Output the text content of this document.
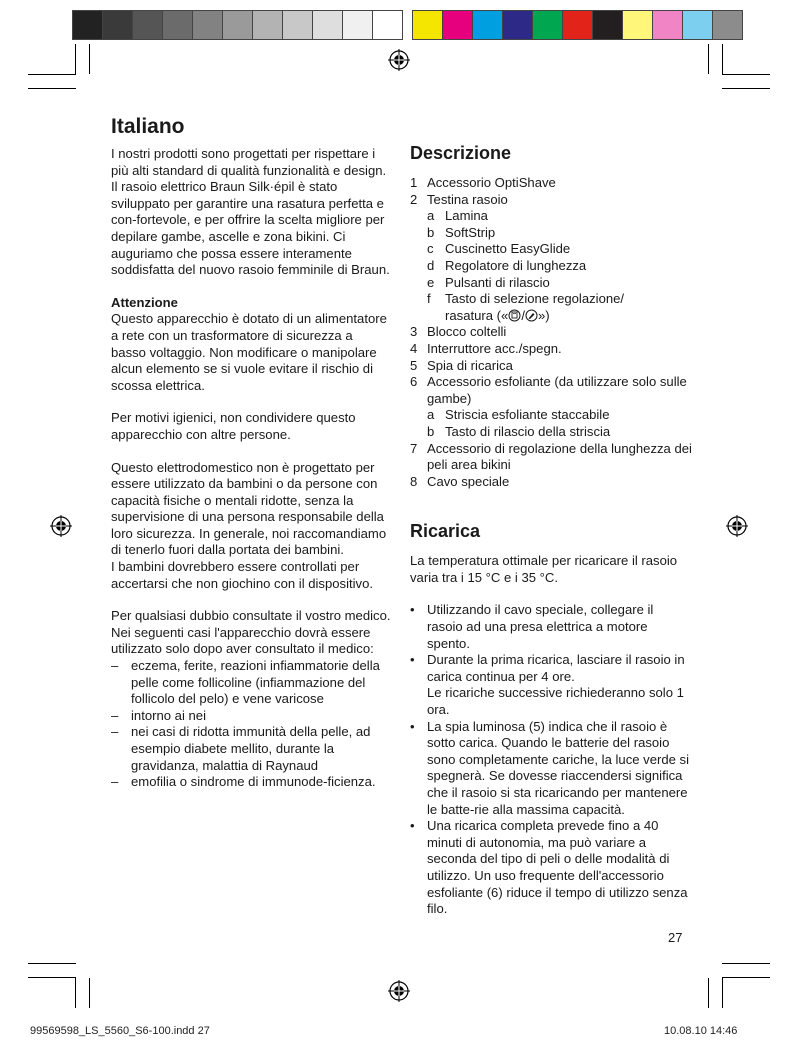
Italiano

I nostri prodotti sono progettati per rispettare i più alti standard di qualità funzionalità e design. Il rasoio elettrico Braun Silk·épil è stato sviluppato per garantire una rasatura perfetta e con-fortevole, e per offrire la scelta migliore per depilare gambe, ascelle e zona bikini. Ci auguriamo che possa essere interamente soddisfatta del nuovo rasoio femminile di Braun.

Attenzione

Questo apparecchio è dotato di un alimentatore a rete con un trasformatore di sicurezza a basso voltaggio. Non modificare o manipolare alcun elemento se si vuole evitare il rischio di scossa elettrica.

Per motivi igienici, non condividere questo apparecchio con altre persone.

Questo elettrodomestico non è progettato per essere utilizzato da bambini o da persone con capacità fisiche o mentali ridotte, senza la supervisione di una persona responsabile della loro sicurezza. In generale, noi raccomandiamo di tenerlo fuori dalla portata dei bambini.

I bambini dovrebbero essere controllati per accertarsi che non giochino con il dispositivo.

Per qualsiasi dubbio consultate il vostro medico. Nei seguenti casi l'apparecchio dovrà essere utilizzato solo dopo aver consultato il medico:

– eczema, ferite, reazioni infiammatorie della pelle come follicoline (infiammazione del follicolo del pelo) e vene varicose
– intorno ai nei
– nei casi di ridotta immunità della pelle, ad esempio diabete mellito, durante la gravidanza, malattia di Raynaud
– emofilia o sindrome di immunode-ficienza.
Descrizione
1 Accessorio OptiShave
2 Testina rasoio
a Lamina
b SoftStrip
c Cuscinetto EasyGlide
d Regolatore di lunghezza
e Pulsanti di rilascio
f	Tasto di selezione regolazione/
rasatura (« / »)
3 Blocco coltelli
4 Interruttore acc./spegn.
5 Spia di ricarica
6 Accessorio esfoliante (da utilizzare solo sulle gambe)
a Striscia esfoliante staccabile
b Tasto di rilascio della striscia
7 Accessorio di regolazione della lunghezza dei peli area bikini
8 Cavo speciale
Ricarica

La temperatura ottimale per ricaricare il rasoio varia tra i 15 °C e i 35 °C.

• Utilizzando il cavo speciale, collegare il rasoio ad una presa elettrica a motore spento.
• Durante la prima ricarica, lasciare il rasoio in carica continua per 4 ore.
Le ricariche successive richiederanno solo 1 ora.
• La spia luminosa (5) indica che il rasoio è sotto carica. Quando le batterie del rasoio sono completamente cariche, la luce verde si spegnerà. Se dovesse riaccendersi significa che il rasoio si sta ricaricando per mantenere le batte-rie alla massima capacità.
• Una ricarica completa prevede fino a 40 minuti di autonomia, ma può variare a seconda del tipo di peli o delle modalità di utilizzo. Un uso frequente dell'accessorio esfoliante (6) riduce il tempo di utilizzo senza filo.
27
99569598_LS_5560_S6-100.indd 27	10.08.10 14:46
